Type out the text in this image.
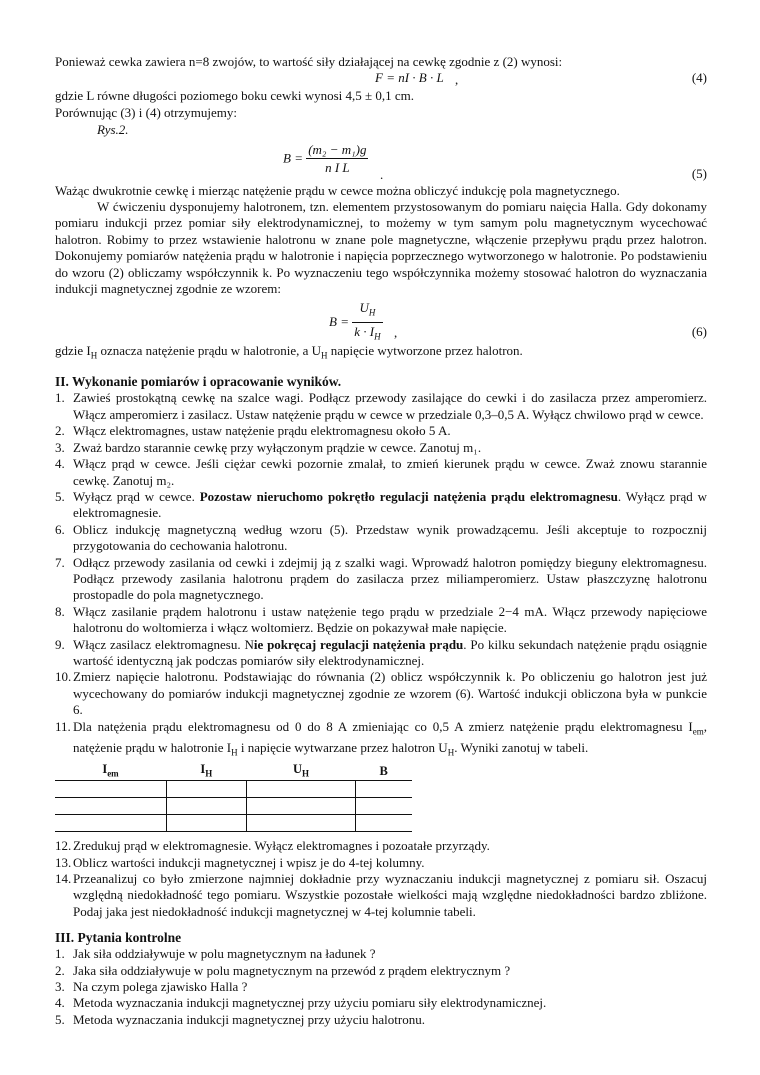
Ponieważ cewka zawiera n=8 zwojów, to wartość siły działającej na cewkę zgodnie z (2) wynosi:

F = nI · B · L ,	(4)

gdzie L równe długości poziomego boku cewki wynosi 4,5 ± 0,1 cm.

Porównując (3) i (4) otrzymujemy:

Rys.2.

$B = \frac{\text{(m₂ − m₁)g}}{\text{n I L}}$ .	(5)

Ważąc dwukrotnie cewkę i mierząc natężenie prądu w cewce można obliczyć indukcję pola magnetycznego.

W ćwiczeniu dysponujemy halotronem, tzn. elementem przystosowanym do pomiaru naięcia Halla. Gdy dokonamy pomiaru indukcji przez pomiar siły elektrodynamicznej, to możemy w tym samym polu magnetycznym wycechować halotron. Robimy to przez wstawienie halotronu w znane pole magnetyczne, włączenie przepływu prądu przez halotron. Dokonujemy pomiarów natężenia prądu w halotronie i napięcia poprzecznego wytworzonego w halotronie. Po podstawieniu do wzoru (2) obliczamy współczynnik k. Po wyznaczeniu tego współczynnika możemy stosować halotron do wyznaczania indukcji magnetycznej zgodnie ze wzorem:

$B = \frac{U_H}{k \cdot I_H}$ ,	(6)

gdzie $I_H$ oznacza natężenie prądu w halotronie, a $U_H$ napięcie wytworzone przez halotron.

II. Wykonanie pomiarów i opracowanie wyników.
1. Zawieś prostokątną cewkę na szalce wagi. Podłącz przewody zasilające do cewki i do zasilacza przez amperomierz. Włącz amperomierz i zasilacz. Ustaw natężenie prądu w cewce w przedziale 0,3–0,5 A. Wyłącz chwilowo prąd w cewce.
2. Włącz elektromagnes, ustaw natężenie prądu elektromagnesu około 5 A.
3. Zważ bardzo starannie cewkę przy wyłączonym prądzie w cewce. Zanotuj m₁.
4. Włącz prąd w cewce. Jeśli ciężar cewki pozornie zmalał, to zmień kierunek prądu w cewce. Zważ znowu starannie cewkę. Zanotuj m₂.
5. Wyłącz prąd w cewce. Pozostaw nieruchomo pokrętło regulacji natężenia prądu elektromagnesu. Wyłącz prąd w elektromagnesie.
6. Oblicz indukcję magnetyczną według wzoru (5). Przedstaw wynik prowadzącemu. Jeśli akceptuje to rozpocznij przygotowania do cechowania halotronu.
7. Odłącz przewody zasilania od cewki i zdejmij ją z szalki wagi. Wprowadź halotron pomiędzy bieguny elektromagnesu. Podłącz przewody zasilania halotronu prądem do zasilacza przez miliamperomierz. Ustaw płaszczyznę halotronu prostopadle do pola magnetycznego.
8. Włącz zasilanie prądem halotronu i ustaw natężenie tego prądu w przedziale 2−4 mA. Włącz przewody napięciowe halotronu do woltomierza i włącz woltomierz. Będzie on pokazywał małe napięcie.
9. Włącz zasilacz elektromagnesu. Nie pokręcaj regulacji natężenia prądu. Po kilku sekundach natężenie prądu osiągnie wartość identyczną jak podczas pomiarów siły elektrodynamicznej.
10. Zmierz napięcie halotronu. Podstawiając do równania (2) oblicz współczynnik k. Po obliczeniu go halotron jest już wycechowany do pomiarów indukcji magnetycznej zgodnie ze wzorem (6). Wartość indukcji obliczona była w punkcie 6.
11. Dla natężenia prądu elektromagnesu od 0 do 8 A zmieniając co 0,5 A zmierz natężenie prądu elektromagnesu $I_{em}$, natężenie prądu w halotronie $I_H$ i napięcie wytwarzane przez halotron $U_H$. Wyniki zanotuj w tabeli.
$I_{em}$	$I_H$	$U_H$	B

12. Zredukuj prąd w elektromagnesie. Wyłącz elektromagnes i pozoatałe przyrządy.
13. Oblicz wartości indukcji magnetycznej i wpisz je do 4-tej kolumny.
14. Przeanalizuj co było zmierzone najmniej dokładnie przy wyznaczaniu indukcji magnetycznej z pomiaru sił. Oszacuj względną niedokładność tego pomiaru. Wszystkie pozostałe wielkości mają względne niedokładności bardzo zbliżone. Podaj jaka jest niedokładność indukcji magnetycznej w 4-tej kolumnie tabeli.
III. Pytania kontrolne
1. Jak siła oddziaływuje w polu magnetycznym na ładunek ?
2. Jaka siła oddziaływuje w polu magnetycznym na przewód z prądem elektrycznym ?
3. Na czym polega zjawisko Halla ?
4. Metoda wyznaczania indukcji magnetycznej przy użyciu pomiaru siły elektrodynamicznej.
5. Metoda wyznaczania indukcji magnetycznej przy użyciu halotronu.
